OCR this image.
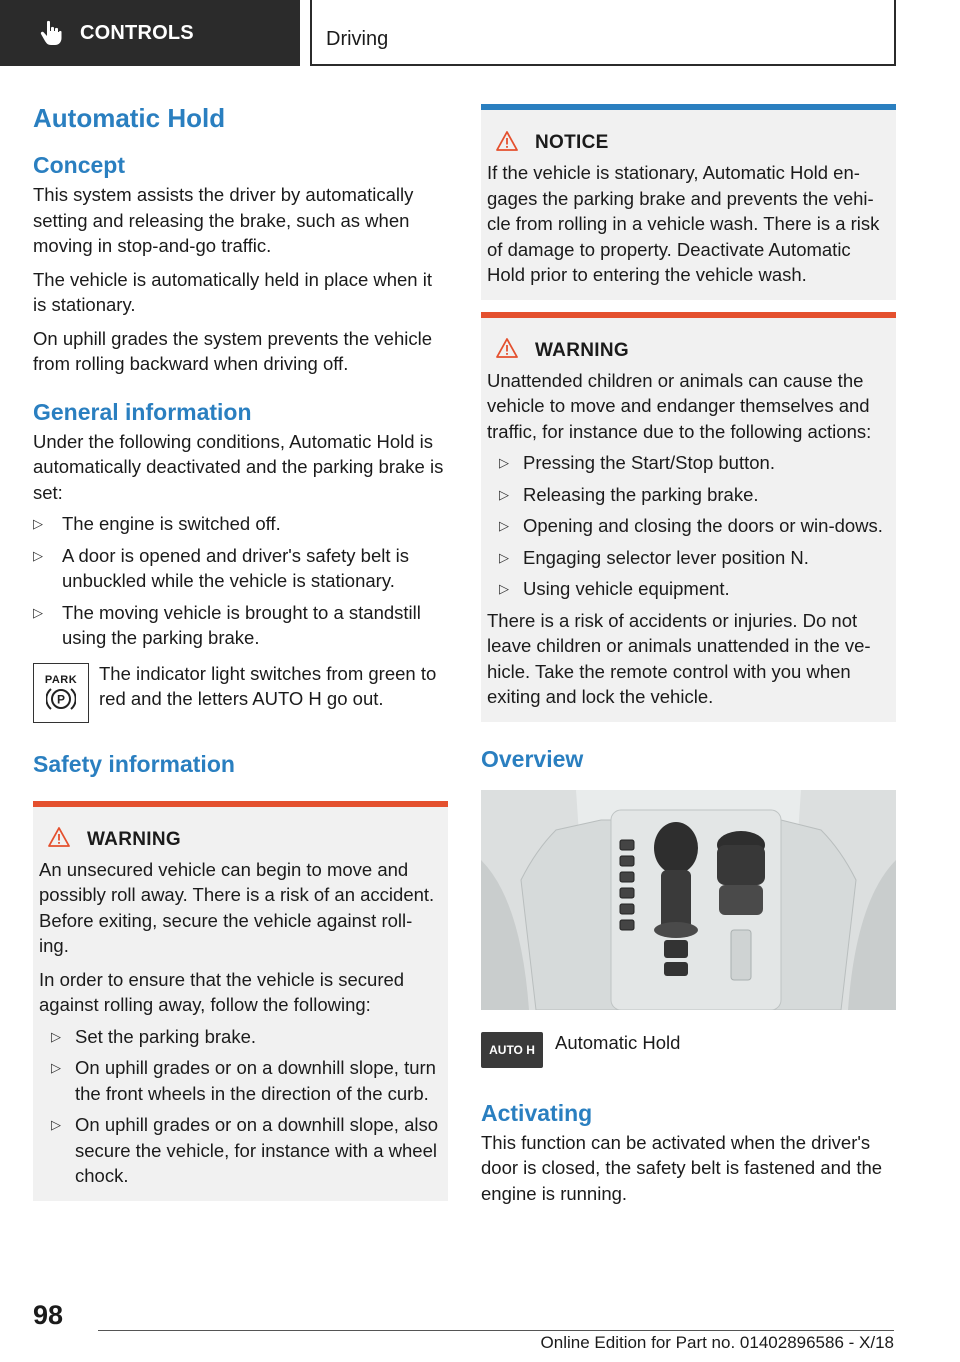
CONTROLS	Driving
Automatic Hold
Concept

This system assists the driver by automatically setting and releasing the brake, such as when moving in stop-and-go traffic.

The vehicle is automatically held in place when it is stationary.

On uphill grades the system prevents the vehicle from rolling backward when driving off.

General information

Under the following conditions, Automatic Hold is automatically deactivated and the parking brake is set:

▷ The engine is switched off.
▷ A door is opened and driver's safety belt is unbuckled while the vehicle is stationary.
▷ The moving vehicle is brought to a standstill using the parking brake.
PARK
P

The indicator light switches from green to red and the letters AUTO H go out.

Safety information
WARNING

An unsecured vehicle can begin to move and possibly roll away. There is a risk of an accident. Before exiting, secure the vehicle against roll-ing.

In order to ensure that the vehicle is secured against rolling away, follow the following:

▷ Set the parking brake.
▷ On uphill grades or on a downhill slope, turn the front wheels in the direction of the curb.
▷ On uphill grades or on a downhill slope, also secure the vehicle, for instance with a wheel chock.
NOTICE

If the vehicle is stationary, Automatic Hold en-gages the parking brake and prevents the vehi-cle from rolling in a vehicle wash. There is a risk of damage to property. Deactivate Automatic Hold prior to entering the vehicle wash.

WARNING

Unattended children or animals can cause the vehicle to move and endanger themselves and traffic, for instance due to the following actions:

▷ Pressing the Start/Stop button.
▷ Releasing the parking brake.
▷ Opening and closing the doors or win-dows.
▷ Engaging selector lever position N.
▷ Using vehicle equipment.

There is a risk of accidents or injuries. Do not leave children or animals unattended in the ve-hicle. Take the remote control with you when exiting and lock the vehicle.

Overview
AUTO H	Automatic Hold

Activating

This function can be activated when the driver's door is closed, the safety belt is fastened and the engine is running.

98
Online Edition for Part no. 01402896586 - X/18
